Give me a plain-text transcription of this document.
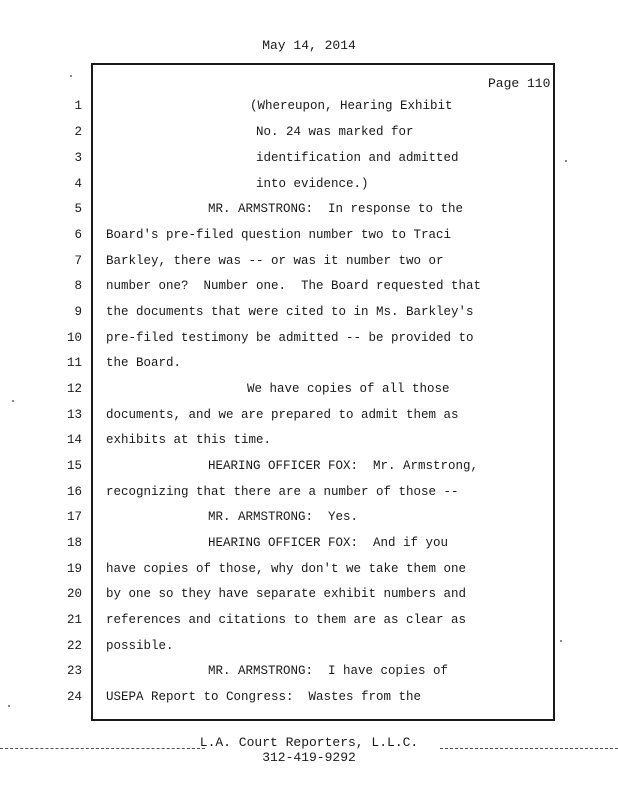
May 14, 2014
Page 110
1	(Whereupon, Hearing Exhibit
2	No. 24 was marked for
3	identification and admitted
4	into evidence.)
5	MR. ARMSTRONG:  In response to the
6 Board's pre-filed question number two to Traci
7 Barkley, there was -- or was it number two or
8 number one?  Number one.  The Board requested that
9 the documents that were cited to in Ms. Barkley's
10 pre-filed testimony be admitted -- be provided to
11 the Board.
12	We have copies of all those
13 documents, and we are prepared to admit them as
14 exhibits at this time.
15	HEARING OFFICER FOX:  Mr. Armstrong,
16 recognizing that there are a number of those --
17	MR. ARMSTRONG:  Yes.
18	HEARING OFFICER FOX:  And if you
19 have copies of those, why don't we take them one
20 by one so they have separate exhibit numbers and
21 references and citations to them are as clear as
22 possible.
23	MR. ARMSTRONG:  I have copies of
24 USEPA Report to Congress:  Wastes from the
L.A. Court Reporters, L.L.C.
312-419-9292
